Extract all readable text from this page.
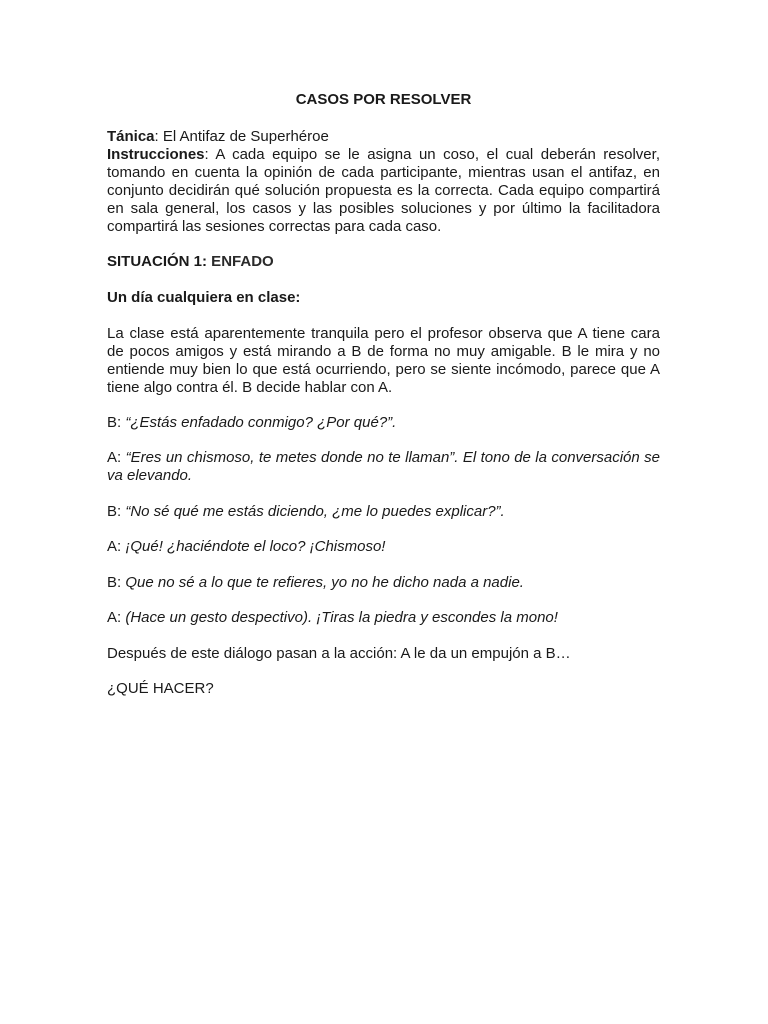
CASOS POR RESOLVER

Tánica: El Antifaz de Superhéroe

Instrucciones: A cada equipo se le asigna un coso, el cual deberán resolver, tomando en cuenta la opinión de cada participante, mientras usan el antifaz, en conjunto decidirán qué solución propuesta es la correcta. Cada equipo compartirá en sala general, los casos y las posibles soluciones y por último la facilitadora compartirá las sesiones correctas para cada caso.

SITUACIÓN 1: ENFADO

Un día cualquiera en clase:

La clase está aparentemente tranquila pero el profesor observa que A tiene cara de pocos amigos y está mirando a B de forma no muy amigable. B le mira y no entiende muy bien lo que está ocurriendo, pero se siente incómodo, parece que A tiene algo contra él. B decide hablar con A.

B: “¿Estás enfadado conmigo? ¿Por qué?”.

A: “Eres un chismoso, te metes donde no te llaman”. El tono de la conversación se va elevando.

B: “No sé qué me estás diciendo, ¿me lo puedes explicar?”.

A: ¡Qué! ¿haciéndote el loco? ¡Chismoso!

B: Que no sé a lo que te refieres, yo no he dicho nada a nadie.

A: (Hace un gesto despectivo). ¡Tiras la piedra y escondes la mono!

Después de este diálogo pasan a la acción: A le da un empujón a B…

¿QUÉ HACER?
